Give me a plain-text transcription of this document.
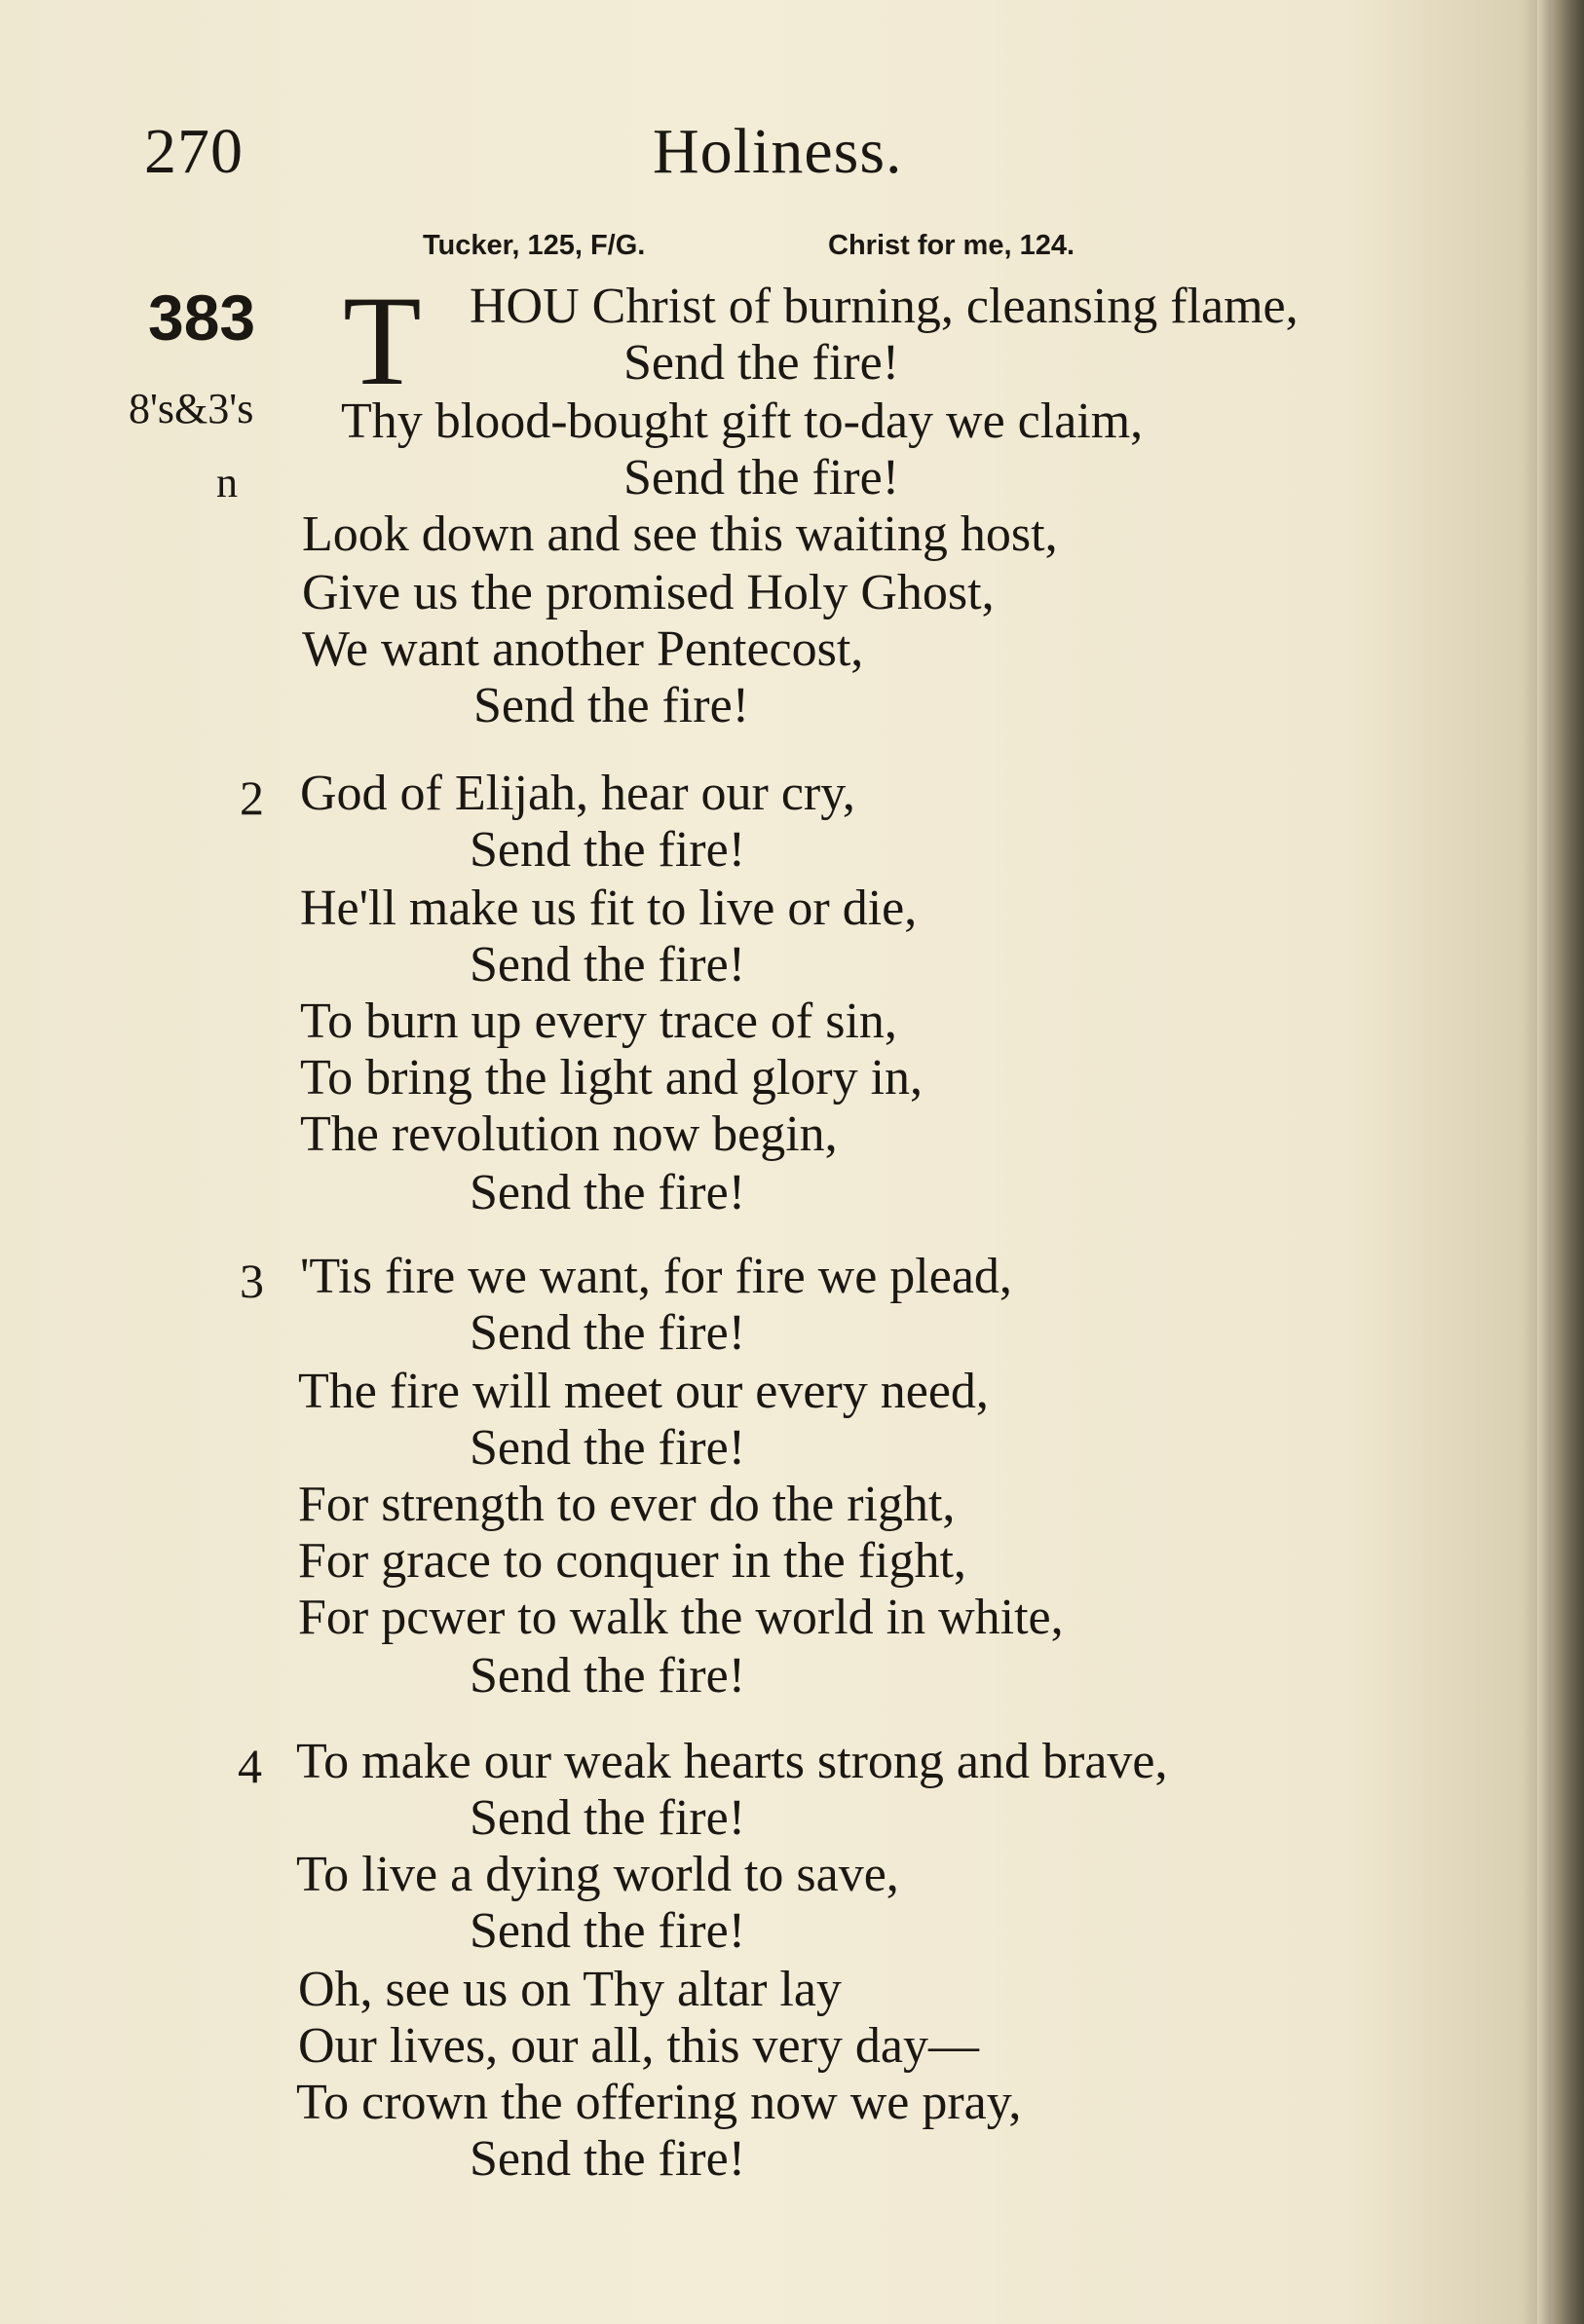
270	Holiness.
Tucker, 125, F/G.	Christ for me, 124.
383
8's&3's
n
T HOU Christ of burning, cleansing flame,
Send the fire!
Thy blood-bought gift to-day we claim,
Send the fire!
Look down and see this waiting host,
Give us the promised Holy Ghost,
We want another Pentecost,
Send the fire!
2 God of Elijah, hear our cry,
Send the fire!
He'll make us fit to live or die,
Send the fire!
To burn up every trace of sin,
To bring the light and glory in,
The revolution now begin,
Send the fire!
3 'Tis fire we want, for fire we plead,
Send the fire!
The fire will meet our every need,
Send the fire!
For strength to ever do the right,
For grace to conquer in the fight,
For pcwer to walk the world in white,
Send the fire!
4 To make our weak hearts strong and brave,
Send the fire!
To live a dying world to save,
Send the fire!
Oh, see us on Thy altar lay
Our lives, our all, this very day—
To crown the offering now we pray,
Send the fire!
